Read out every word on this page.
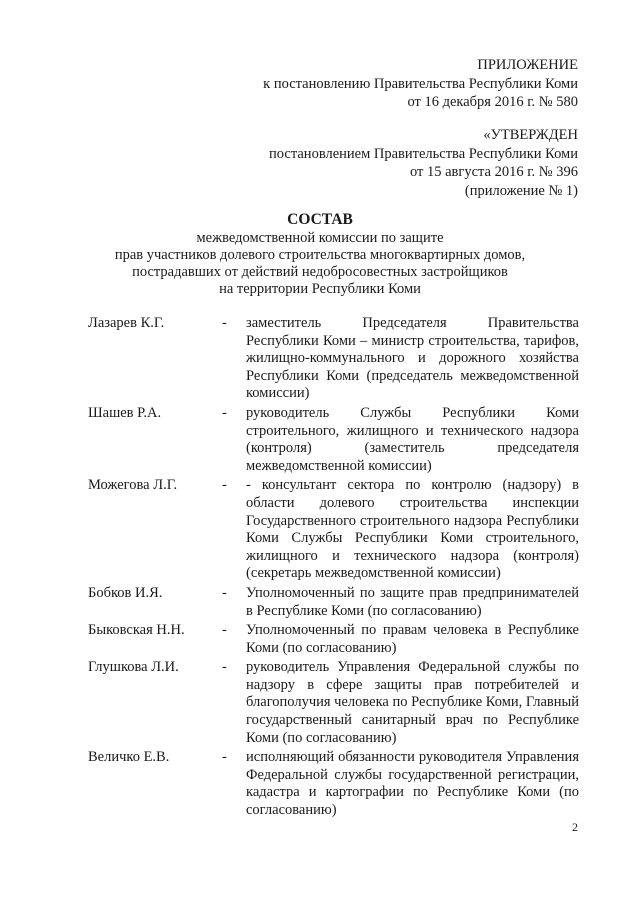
ПРИЛОЖЕНИЕ
к постановлению Правительства Республики Коми
от 16 декабря 2016 г. № 580
«УТВЕРЖДЕН
постановлением Правительства Республики Коми
от 15 августа 2016 г. № 396
(приложение № 1)
СОСТАВ
межведомственной комиссии по защите
прав участников долевого строительства многоквартирных домов,
пострадавших от действий недобросовестных застройщиков
на территории Республики Коми
Лазарев К.Г.	- заместитель Председателя Правительства Республики Коми – министр строительства, тарифов, жилищно-коммунального и дорожного хозяйства Республики Коми (председатель межведомственной комиссии)
Шашев Р.А.	- руководитель Службы Республики Коми строительного, жилищного и технического надзора (контроля) (заместитель председателя межведомственной комиссии)
Можегова Л.Г.	- - консультант сектора по контролю (надзору) в области долевого строительства инспекции Государственного строительного надзора Республики Коми Службы Республики Коми строительного, жилищного и технического надзора (контроля) (секретарь межведомственной комиссии)
Бобков И.Я.	- Уполномоченный по защите прав предпринимателей в Республике Коми (по согласованию)
Быковская Н.Н.	- Уполномоченный по правам человека в Республике Коми (по согласованию)
Глушкова Л.И.	- руководитель Управления Федеральной службы по надзору в сфере защиты прав потребителей и благополучия человека по Республике Коми, Главный государственный санитарный врач по Республике Коми (по согласованию)
Величко Е.В.	- исполняющий обязанности руководителя Управления Федеральной службы государственной регистрации, кадастра и картографии по Республике Коми (по согласованию)
2
